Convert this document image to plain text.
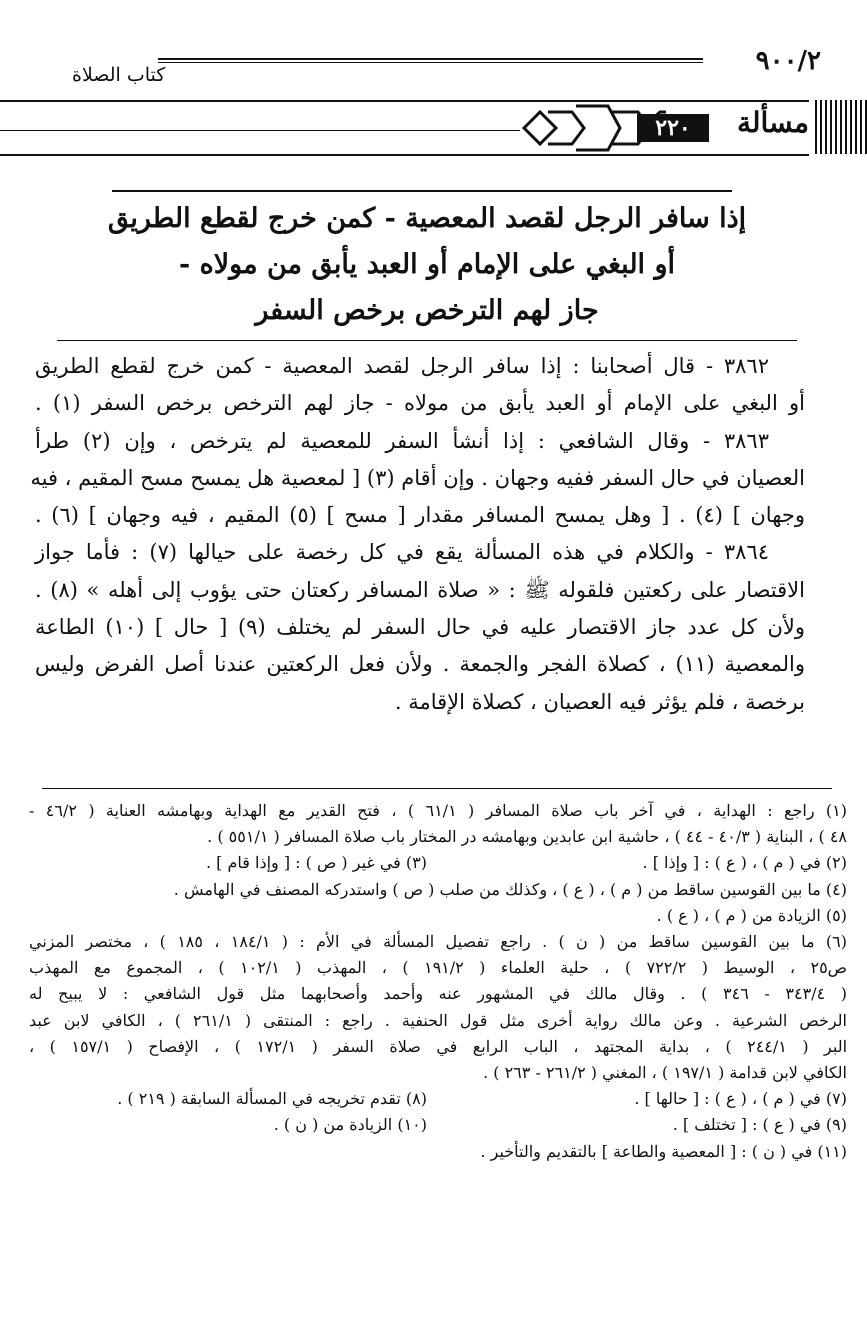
٩٠٠/٢
كتاب الصلاة
مسألة
٢٢٠
إذا سافر الرجل لقصد المعصية - كمن خرج لقطع الطريق
أو البغي على الإمام أو العبد يأبق من مولاه -
جاز لهم الترخص برخص السفر
٣٨٦٢ - قال أصحابنا : إذا سافر الرجل لقصد المعصية - كمن خرج لقطع الطريق
أو البغي على الإمام أو العبد يأبق من مولاه - جاز لهم الترخص برخص السفر (١) .
٣٨٦٣ - وقال الشافعي : إذا أنشأ السفر للمعصية لم يترخص ، وإن (٢) طرأ
العصيان في حال السفر ففيه وجهان . وإن أقام (٣) [ لمعصية هل يمسح مسح المقيم ، فيه
وجهان ] (٤) . [ وهل يمسح المسافر مقدار [ مسح ] (٥) المقيم ، فيه وجهان ] (٦) .
٣٨٦٤ - والكلام في هذه المسألة يقع في كل رخصة على حيالها (٧) : فأما جواز
الاقتصار على ركعتين فلقوله ﷺ : « صلاة المسافر ركعتان حتى يؤوب إلى أهله » (٨) .
ولأن كل عدد جاز الاقتصار عليه في حال السفر لم يختلف (٩) [ حال ] (١٠) الطاعة
والمعصية (١١) ، كصلاة الفجر والجمعة . ولأن فعل الركعتين عندنا أصل الفرض وليس
برخصة ، فلم يؤثر فيه العصيان ، كصلاة الإقامة .
(١) راجع : الهداية ، في آخر باب صلاة المسافر ( ٦١/١ ) ، فتح القدير مع الهداية وبهامشه العناية ( ٤٦/٢ -
٤٨ ) ، البناية ( ٤٠/٣ - ٤٤ ) ، حاشية ابن عابدين وبهامشه در المختار باب صلاة المسافر ( ٥٥١/١ ) .
(٢) في ( م ) ، ( ع ) : [ وإذا ] .
(٣) في غير ( ص ) : [ وإذا قام ] .
(٤) ما بين القوسين ساقط من ( م ) ، ( ع ) ، وكذلك من صلب ( ص ) واستدركه المصنف في الهامش .
(٥) الزيادة من ( م ) ، ( ع ) .
(٦) ما بين القوسين ساقط من ( ن ) . راجع تفصيل المسألة في الأم : ( ١٨٤/١ ، ١٨٥ ) ، مختصر المزني
ص٢٥ ، الوسيط ( ٧٢٢/٢ ) ، حلية العلماء ( ١٩١/٢ ) ، المهذب ( ١٠٢/١ ) ، المجموع مع المهذب
( ٣٤٣/٤ - ٣٤٦ ) . وقال مالك في المشهور عنه وأحمد وأصحابهما مثل قول الشافعي : لا يبيح له
الرخص الشرعية . وعن مالك رواية أخرى مثل قول الحنفية . راجع : المنتقى ( ٢٦١/١ ) ، الكافي لابن عبد
البر ( ٢٤٤/١ ) ، بداية المجتهد ، الباب الرابع في صلاة السفر ( ١٧٢/١ ) ، الإفصاح ( ١٥٧/١ ) ،
الكافي لابن قدامة ( ١٩٧/١ ) ، المغني ( ٢٦١/٢ - ٢٦٣ ) .
(٧) في ( م ) ، ( ع ) : [ حالها ] .
(٨) تقدم تخريجه في المسألة السابقة ( ٢١٩ ) .
(٩) في ( ع ) : [ تختلف ] .
(١٠) الزيادة من ( ن ) .
(١١) في ( ن ) : [ المعصية والطاعة ] بالتقديم والتأخير .
